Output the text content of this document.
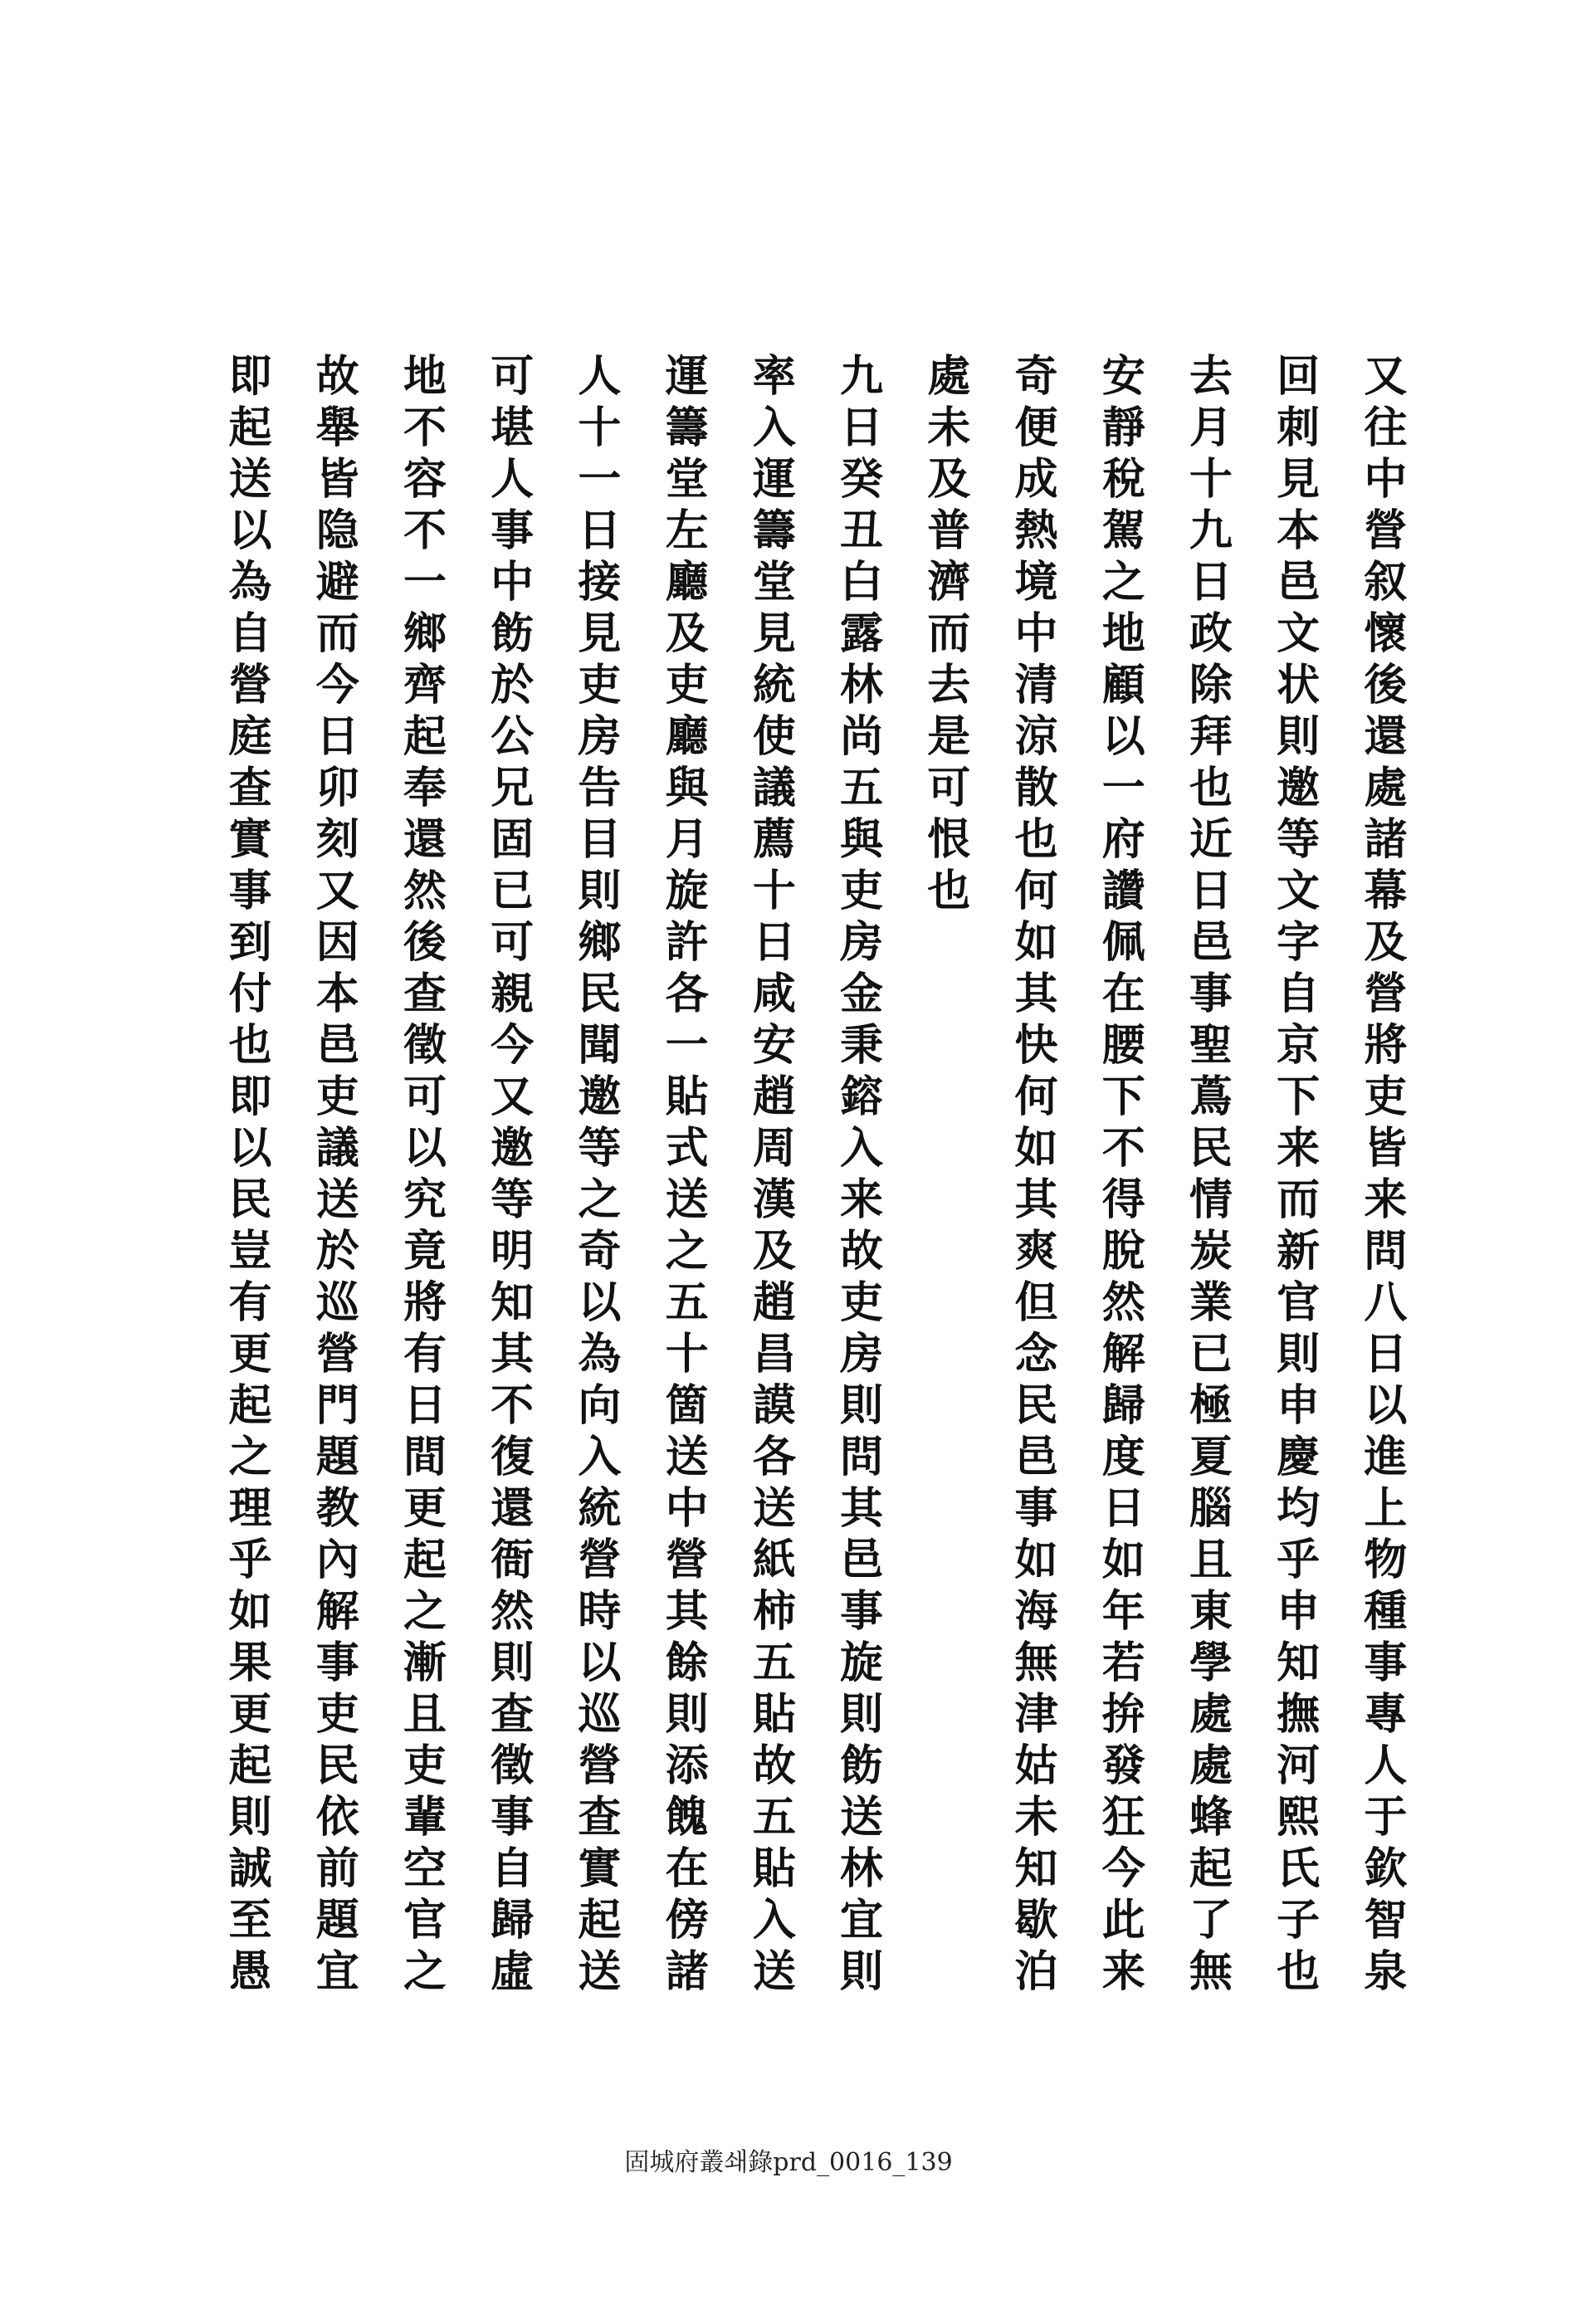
又往中營叙懷後還處諸幕及營將吏皆来問八日以進上物種事專人于欽智泉
回刺見本邑文状則邀等文字自京下来而新官則申慶均乎申知撫河熙氏子也
去月十九日政除拜也近日邑事聖蔦民情炭業已極夏腦且東學處處蜂起了無
安靜稅駕之地顧以一府讚佩在腰下不得脫然解歸度日如年若拚發狂今此来
奇便成熱境中清涼散也何如其快何如其爽但念民邑事如海無津姑未知歇泊
處未及普濟而去是可恨也
九日癸丑白露林尚五與吏房金秉鎔入来故吏房則問其邑事旋則飭送林宜則
率入運籌堂見統使議薦十日咸安趙周漢及趙昌謨各送紙柿五貼故五貼入送
運籌堂左廳及吏廳與月旋許各一貼式送之五十箇送中營其餘則添餽在傍諸
人十一日接見吏房告目則鄉民聞邀等之奇以為向入統營時以巡營查實起送
可堪人事中飭於公兄固已可親今又邀等明知其不復還衙然則查徵事自歸虛
地不容不一鄉齊起奉還然後查徵可以究竟將有日間更起之漸且吏輩空官之
故舉皆隐避而今日卯刻又因本邑吏議送於巡營門題教內解事吏民依前題宜
即起送以為自營庭查實事到付也即以民豈有更起之理乎如果更起則誠至愚
固城府叢쇄錄prd_0016_139
